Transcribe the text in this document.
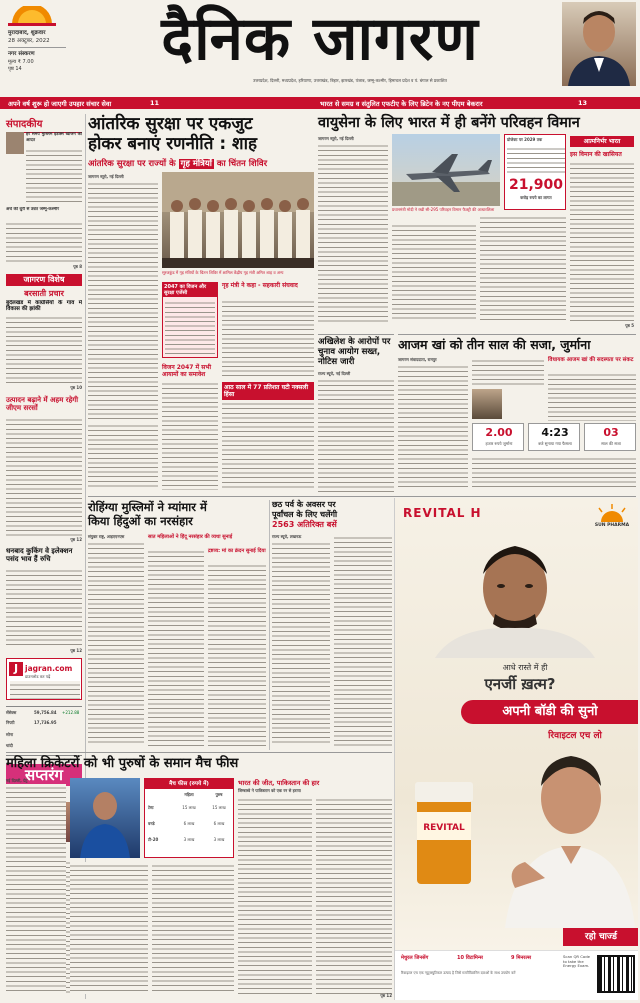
मुरादाबाद, शुक्रवार
28 अक्टूबर, 2022
नगर संस्करण
मूल्य ₹ 7.00
पृष्ठ 14	दैनिक जागरण
उत्तरप्रदेश, दिल्ली, मध्यप्रदेश, हरियाणा, उत्तराखंड, बिहार, झारखंड, पंजाब, जम्मू-कश्मीर, हिमाचल प्रदेश व पं. बंगाल से प्रकाशित
अपने वर्ष शुरू हो जाएगी उपहार संचार सेवा	11	भारत से समग्र व संतुलित एफटीए के लिए ब्रिटेन के नए पीएम बेकरार	13
संपादकीय
हर समय मुस्लिम इंडेक्स खोजने की आदत
अर्थ की धुरी से उन्नत जम्मू-कश्मीर
पृष्ठ 8
जागरण विशेष
बरसाती प्रचार
बुंदेलखंड में कांग्रेसियों के गांव में विकास की झांकी
पृष्ठ 10
उत्पादन बढ़ाने में अहम रहेगी जीएम सरसों
पृष्ठ 12
धनबाद कुकिंग वे इलेक्शन पसंद भाव हैं रुचि
पृष्ठ 12
J jagran.com
डाउनलोड कर पढ़ें
सेंसेक्स	59,756.84 +212.88
निफ्टी	17,736.95
सोना
चांदी
सप्तरंग
आंतरिक सुरक्षा पर एकजुट
होकर बनाएं रणनीति : शाह
आंतरिक सुरक्षा पर राज्यों के गृह मंत्रियों का चिंतन शिविर
जागरण ब्यूरो, नई दिल्ली
सूरजकुंड में गृह मंत्रियों के चिंतन शिविर में शामिल केंद्रीय गृह मंत्री अमित शाह व अन्य
2047 का विजन और सुरक्षा एजेंसी
गृह मंत्री ने कहा - सहकारी संघवाद
विजन 2047 में सभी आयामों का समावेश
आठ साल में 77 प्रतिशत घटी नक्सली हिंसा
वायुसेना के लिए भारत में ही बनेंगे परिवहन विमान
जागरण ब्यूरो, नई दिल्ली
प्रधानमंत्री मोदी ने रखी सी-295 परिवहन विमान फैक्ट्री की आधारशिला
प्रोजेक्ट पर 2029 तक
21,900
करोड़ रुपये का लागत
आत्मनिर्भर भारत
इस विमान की खासियत
पृष्ठ 5
अखिलेश के आरोपों पर चुनाव आयोग सख्त, नोटिस जारी
राज्य ब्यूरो, नई दिल्ली
आजम खां को तीन साल की सजा, जुर्माना
जागरण संवाददाता, रामपुर	विधायक आजम खां की सदस्यता पर संकट
2.00
हजार रुपये जुर्माना
4:23
बजे सुनाया गया फैसला
03
साल की सजा
रोहिंग्या मुस्लिमों ने म्यांमार में
किया हिंदुओं का नरसंहार
संयुक्त राष्ट्र, आइएएनएस	सात महिलाओं ने हिंदू नरसंहार की व्यथा सुनाई
द्रष्टव्य: मां का क्रंदन सुनाई दिया
छठ पर्व के अवसर पर
पूर्वांचल के लिए चलेंगी
2563 अतिरिक्त बसें
राज्य ब्यूरो, लखनऊ
REVITAL H
SUN PHARMA
आधे रास्ते में ही
एनर्जी ख़त्म?
अपनी बॉडी की सुनो
रिवाइटल एच लो
REVITAL
रहो चार्ज्ड
मेथुरल जिनसेंग	10 विटामिन्स	9 मिनरल्स
रिवाइटल एच एक न्यूट्रास्युटिकल उत्पाद है जिसे मल्टीविटामिन दवाओं के साथ उपयोग करें
Scan QR Code to take the Energy Exam.
महिला क्रिकेटरों को भी पुरुषों के समान मैच फीस
नई दिल्ली, प्रेट्र
मैच फीस (रुपये में)
महिला	पुरुष
टेस्ट	15 लाख	15 लाख
वनडे	6 लाख	6 लाख
टी-20	3 लाख	3 लाख
भारत की जीत, पाकिस्तान की हार
जिम्बाब्वे ने पाकिस्तान को एक रन से हराया
पृष्ठ 12
